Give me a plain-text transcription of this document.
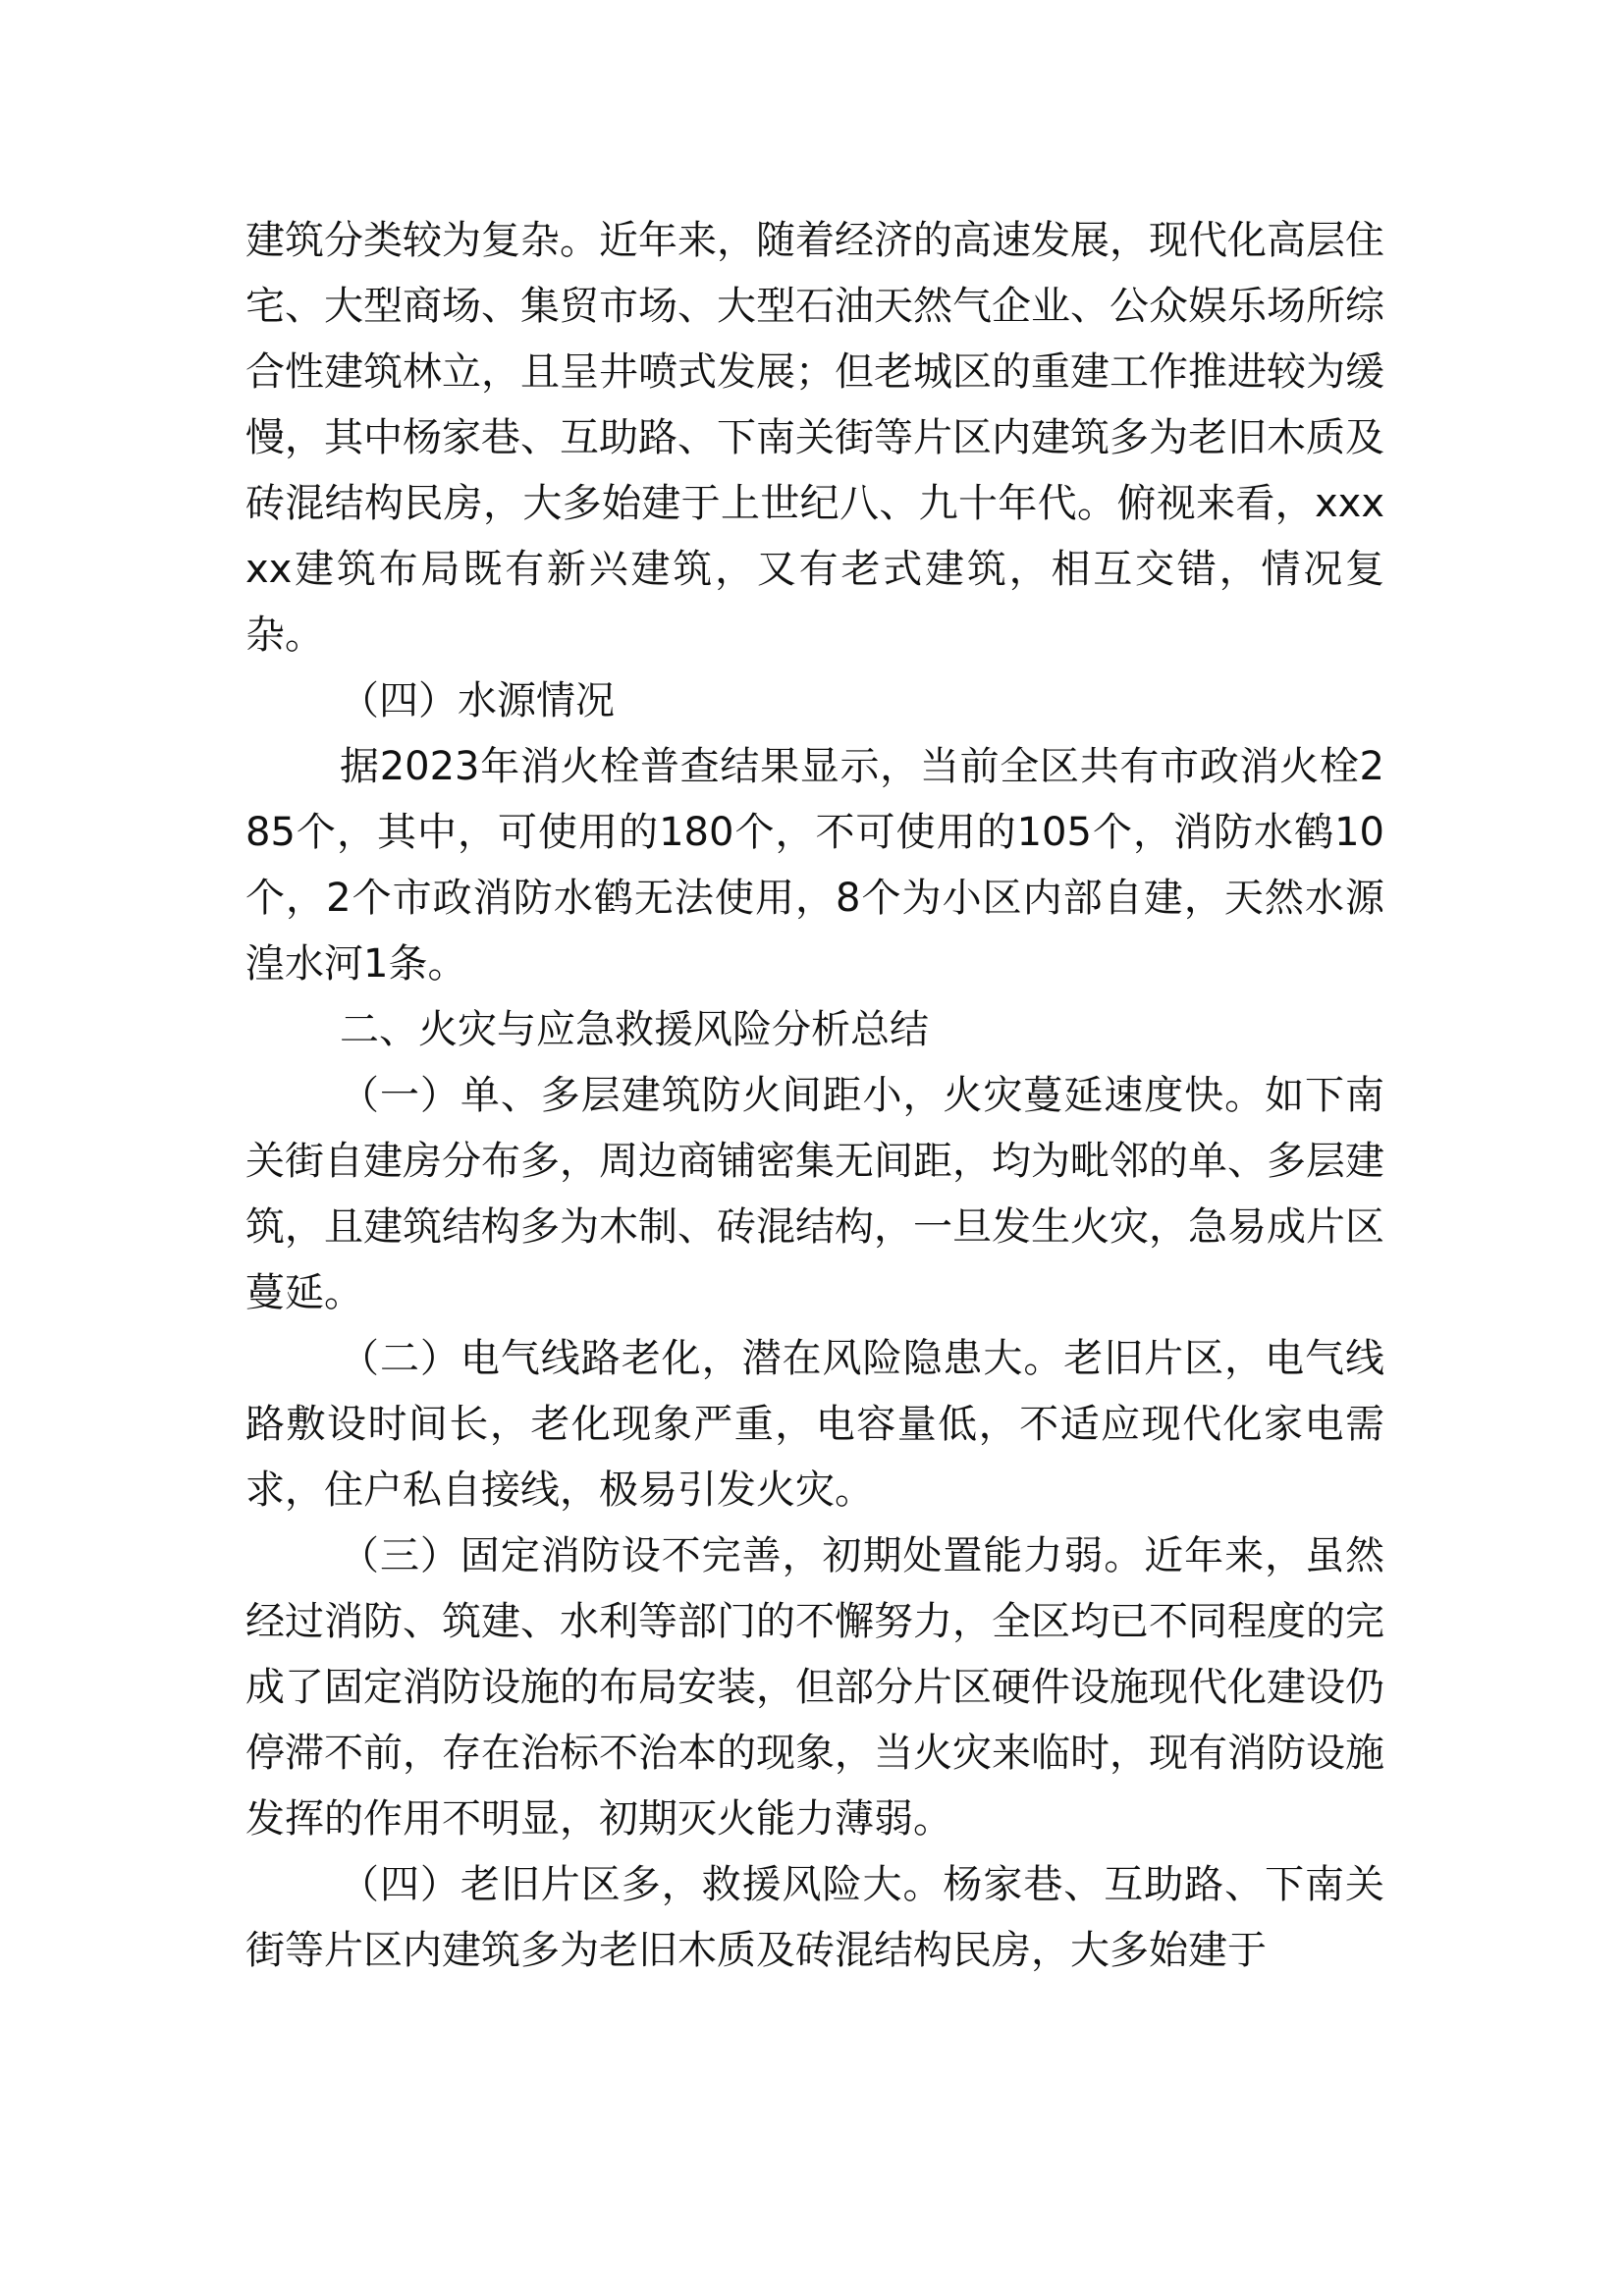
建筑分类较为复杂。近年来，随着经济的高速发展，现代化高层住宅、大型商场、集贸市场、大型石油天然气企业、公众娱乐场所综合性建筑林立，且呈井喷式发展；但老城区的重建工作推进较为缓慢，其中杨家巷、互助路、下南关街等片区内建筑多为老旧木质及砖混结构民房，大多始建于上世纪八、九十年代。俯视来看，xxxxx建筑布局既有新兴建筑，又有老式建筑，相互交错，情况复杂。

（四）水源情况

据2023年消火栓普查结果显示，当前全区共有市政消火栓285个，其中，可使用的180个，不可使用的105个，消防水鹤10个，2个市政消防水鹤无法使用，8个为小区内部自建，天然水源湟水河1条。

二、火灾与应急救援风险分析总结

（一）单、多层建筑防火间距小，火灾蔓延速度快。如下南关街自建房分布多，周边商铺密集无间距，均为毗邻的单、多层建筑，且建筑结构多为木制、砖混结构，一旦发生火灾，急易成片区蔓延。

（二）电气线路老化，潜在风险隐患大。老旧片区，电气线路敷设时间长，老化现象严重，电容量低，不适应现代化家电需求，住户私自接线，极易引发火灾。

（三）固定消防设不完善，初期处置能力弱。近年来，虽然经过消防、筑建、水利等部门的不懈努力，全区均已不同程度的完成了固定消防设施的布局安装，但部分片区硬件设施现代化建设仍停滞不前，存在治标不治本的现象，当火灾来临时，现有消防设施发挥的作用不明显，初期灭火能力薄弱。

（四）老旧片区多，救援风险大。杨家巷、互助路、下南关街等片区内建筑多为老旧木质及砖混结构民房，大多始建于
